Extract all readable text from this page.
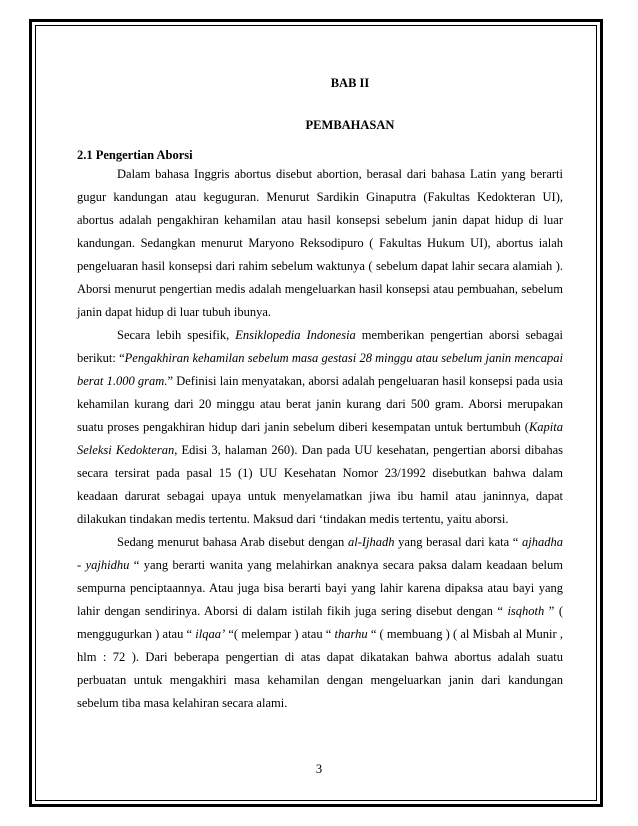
BAB II
PEMBAHASAN
2.1 Pengertian Aborsi

Dalam bahasa Inggris abortus disebut abortion, berasal dari bahasa Latin yang berarti gugur kandungan atau keguguran. Menurut Sardikin Ginaputra (Fakultas Kedokteran UI), abortus adalah pengakhiran kehamilan atau hasil konsepsi sebelum janin dapat hidup di luar kandungan. Sedangkan menurut Maryono Reksodipuro ( Fakultas Hukum UI), abortus ialah pengeluaran hasil konsepsi dari rahim sebelum waktunya ( sebelum dapat lahir secara alamiah ). Aborsi menurut pengertian medis adalah mengeluarkan hasil konsepsi atau pembuahan, sebelum janin dapat hidup di luar tubuh ibunya.

Secara lebih spesifik, Ensiklopedia Indonesia memberikan pengertian aborsi sebagai berikut: “Pengakhiran kehamilan sebelum masa gestasi 28 minggu atau sebelum janin mencapai berat 1.000 gram.” Definisi lain menyatakan, aborsi adalah pengeluaran hasil konsepsi pada usia kehamilan kurang dari 20 minggu atau berat janin kurang dari 500 gram. Aborsi merupakan suatu proses pengakhiran hidup dari janin sebelum diberi kesempatan untuk bertumbuh (Kapita Seleksi Kedokteran, Edisi 3, halaman 260). Dan pada UU kesehatan, pengertian aborsi dibahas secara tersirat pada pasal 15 (1) UU Kesehatan Nomor 23/1992 disebutkan bahwa dalam keadaan darurat sebagai upaya untuk menyelamatkan jiwa ibu hamil atau janinnya, dapat dilakukan tindakan medis tertentu. Maksud dari ‘tindakan medis tertentu, yaitu aborsi.

Sedang menurut bahasa Arab disebut dengan al-Ijhadh yang berasal dari kata “ ajhadha - yajhidhu “ yang berarti wanita yang melahirkan anaknya secara paksa dalam keadaan belum sempurna penciptaannya. Atau juga bisa berarti bayi yang lahir karena dipaksa atau bayi yang lahir dengan sendirinya. Aborsi di dalam istilah fikih juga sering disebut dengan “ isqhoth ” ( menggugurkan ) atau “ ilqaa’ “( melempar ) atau “ tharhu “ ( membuang ) ( al Misbah al Munir , hlm : 72 ). Dari beberapa pengertian di atas dapat dikatakan bahwa abortus adalah suatu perbuatan untuk mengakhiri masa kehamilan dengan mengeluarkan janin dari kandungan sebelum tiba masa kelahiran secara alami.

3
